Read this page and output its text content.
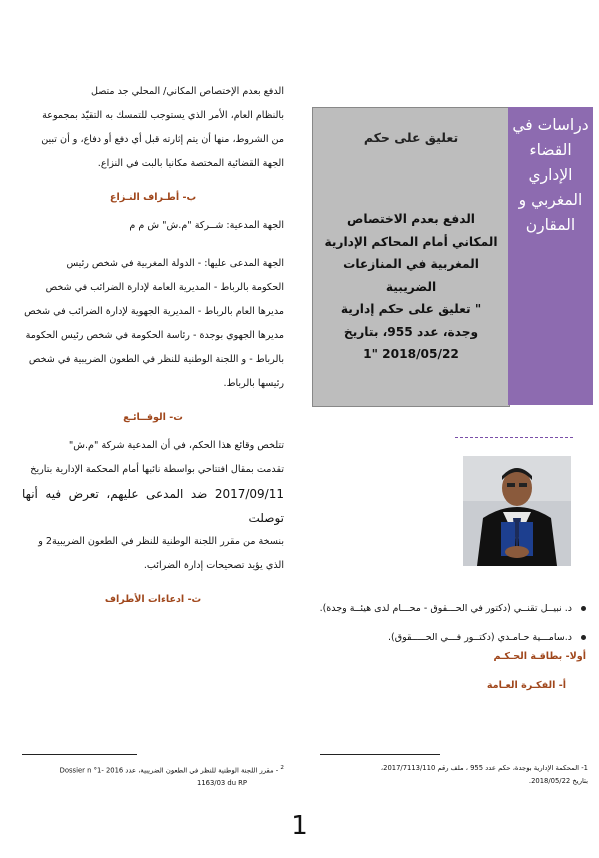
الدفع بعدم الإختصاص المكاني/ المحلي جد متصل

بالنظام العام، الأمر الذي يستوجب للتمسك به التقيّد بمجموعة

من الشروط، منها أن يتم إثارته قبل أي دفع أو دفاع، و أن تبين

الجهة القضائية المختصة مكانيا بالبت في النزاع.

ب- أطـراف النـزاع

الجهة المدعية: شــركة "م.ش" ش م م

الجهة المدعى عليها: - الدولة المغربية في شخص رئيس

الحكومة بالرباط - المديرية العامة لإدارة الضرائب في شخص

مديرها العام بالرباط - المديرية الجهوية لإدارة الضرائب في شخص

مديرها الجهوي بوجدة - رئاسة الحكومة في شخص رئيس الحكومة

بالرباط - و اللجنة الوطنية للنظر في الطعون الضريبية في شخص

رئيسها بالرباط.

ت- الوقــائـع

تتلخص وقائع هذا الحكم، في أن المدعية شركة "م.ش"

تقدمت بمقال افتتاحي بواسطة نائبها أمام المحكمة الإدارية بتاريخ

2017/09/11 ضد المدعى عليهم، تعرض فيه أنها توصلت

بنسخة من مقرر اللجنة الوطنية للنظر في الطعون الضريبية2 و

الذي يؤيد تصحيحات إدارة الضرائب.

ث- ادعاءات الأطراف
تعليق على حكم
الدفع بعدم الاختصاص
المكاني أمام المحاكم الإدارية
المغربية في المنازعات
الضريبية
" تعليق على حكم إدارية
وجدة، عدد 955، بتاريخ
2018/05/22 "1
دراسات في
القضاء
الإداري
المغربي و
المقارن
د. نبيــل تقنــي (دكتور في الحـــقوق - محـــام لدى هيئــة وجدة).
د.سامـــية حـامـدي (دكتــور فـــي الحـــــقوق).
أولا- بطاقـة الحـكـم
أ- الفكـرة العـامة
$^2$ - مقرر اللجنة الوطنية للنظر في الطعون الضريبية، عدد 2016 -1° Dossier n
1163/03 du RP
1- المحكمة الإدارية بوجدة، حكم عدد 955 ، ملف رقم 2017/7113/110،
بتاريخ 2018/05/22.
1
